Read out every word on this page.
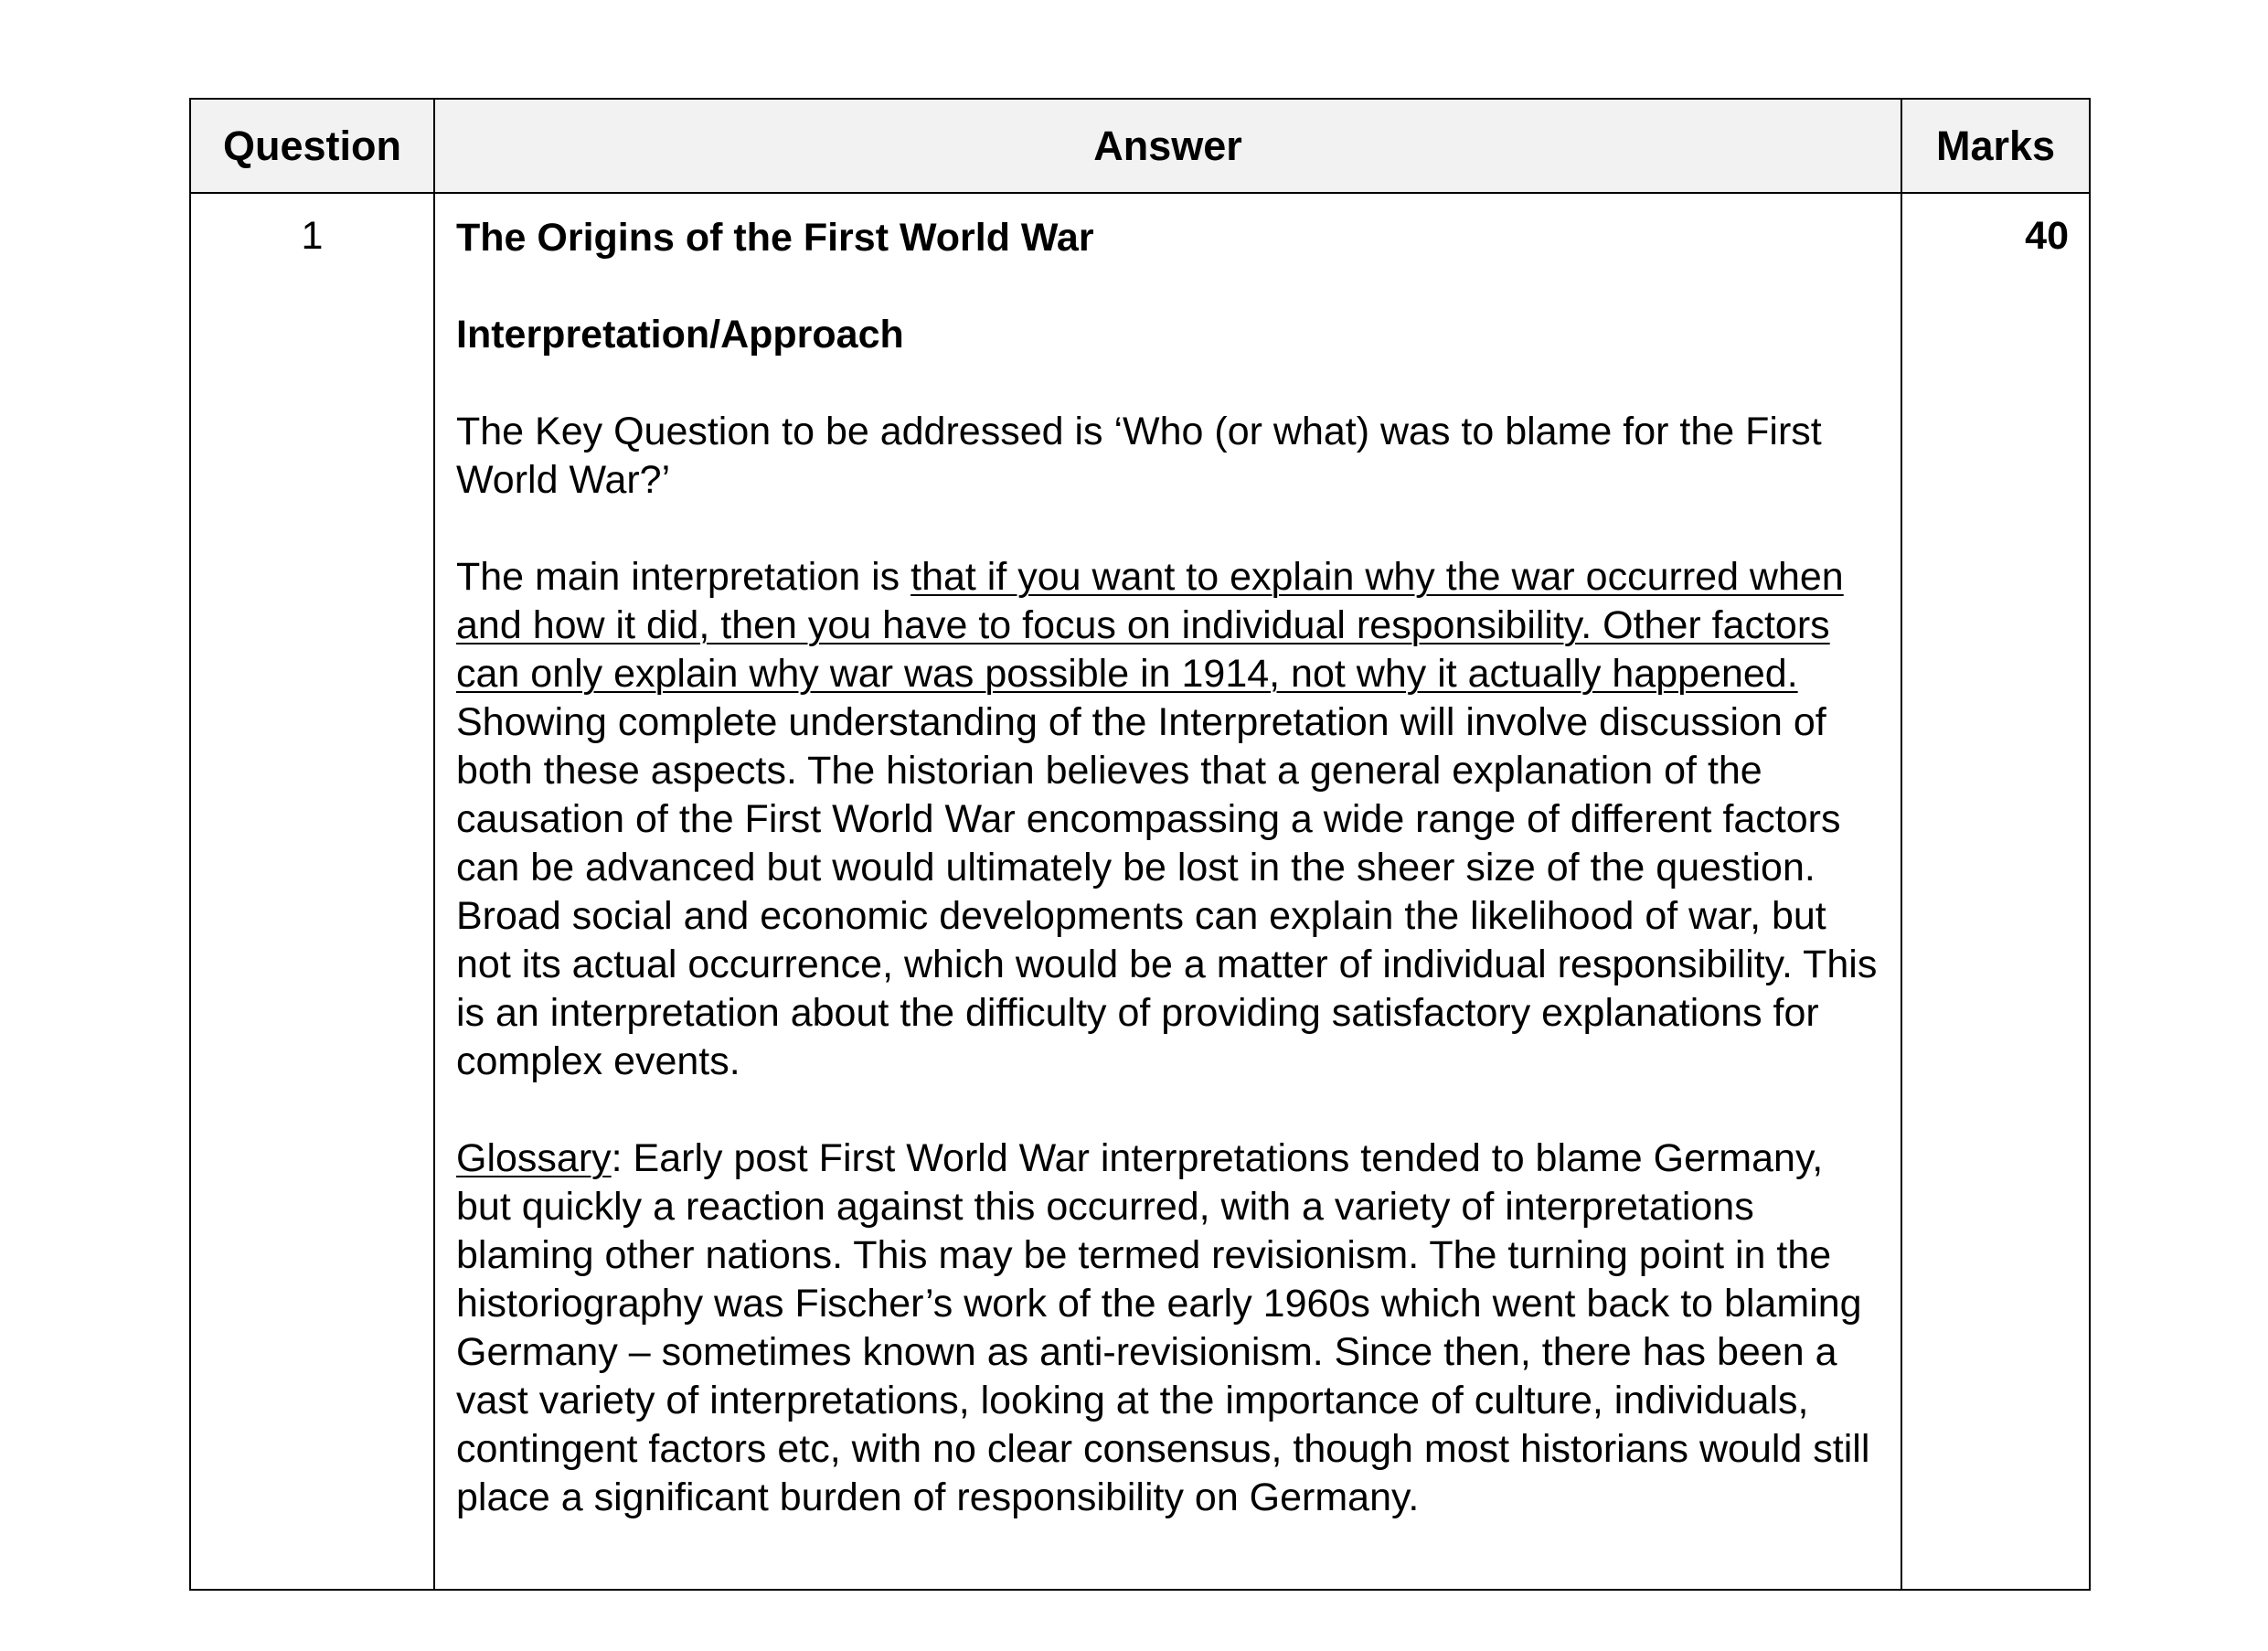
Question	Answer	Marks
1	The Origins of the First World War

Interpretation/Approach

The Key Question to be addressed is ‘Who (or what) was to blame for the First World War?’

The main interpretation is that if you want to explain why the war occurred when and how it did, then you have to focus on individual responsibility. Other factors can only explain why war was possible in 1914, not why it actually happened. Showing complete understanding of the Interpretation will involve discussion of both these aspects. The historian believes that a general explanation of the causation of the First World War encompassing a wide range of different factors can be advanced but would ultimately be lost in the sheer size of the question. Broad social and economic developments can explain the likelihood of war, but not its actual occurrence, which would be a matter of individual responsibility. This is an interpretation about the difficulty of providing satisfactory explanations for complex events.

Glossary: Early post First World War interpretations tended to blame Germany, but quickly a reaction against this occurred, with a variety of interpretations blaming other nations. This may be termed revisionism. The turning point in the historiography was Fischer’s work of the early 1960s which went back to blaming Germany – sometimes known as anti-revisionism. Since then, there has been a vast variety of interpretations, looking at the importance of culture, individuals, contingent factors etc, with no clear consensus, though most historians would still place a significant burden of responsibility on Germany.	40
